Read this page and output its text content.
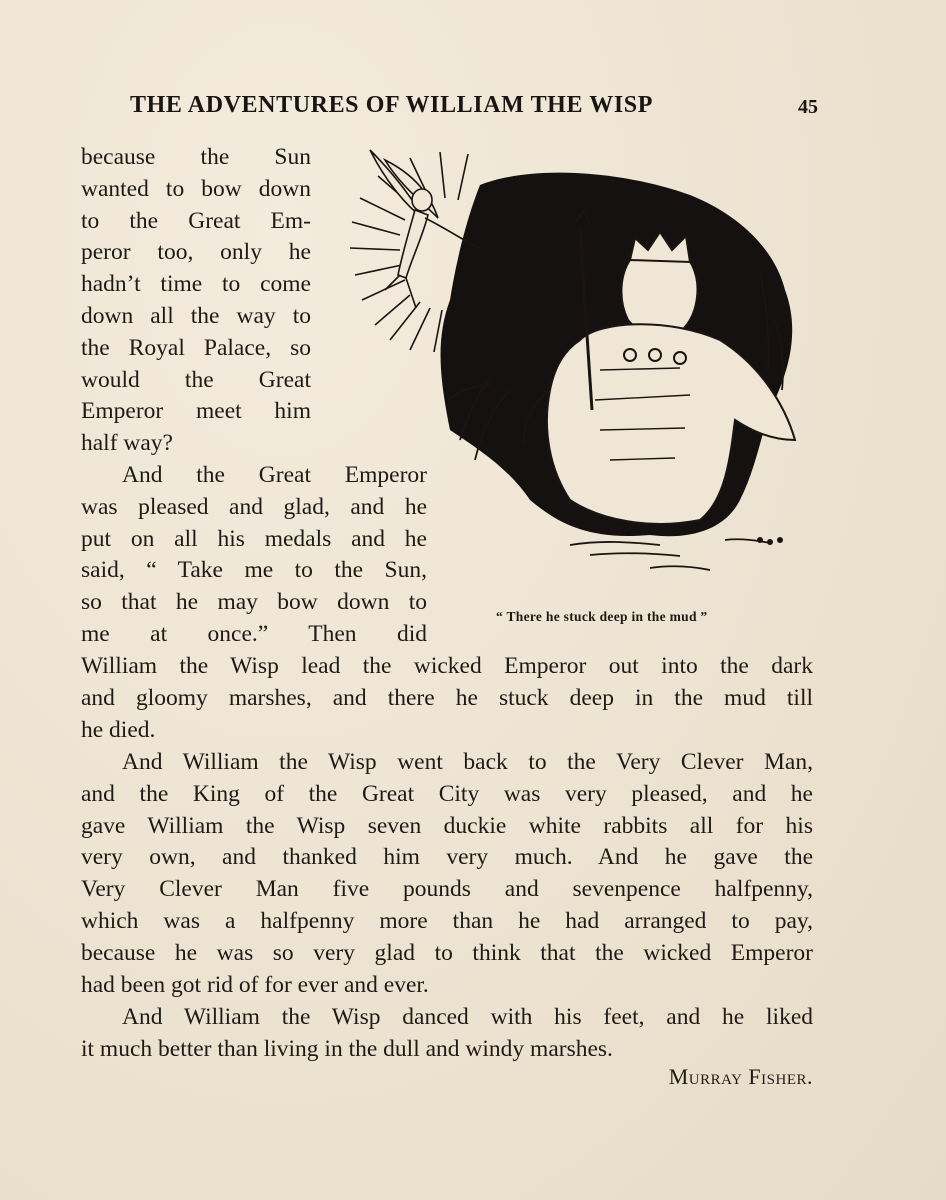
THE ADVENTURES OF WILLIAM THE WISP	45
because the Sun
wanted to bow down
to the Great Em-
peror too, only he
hadn’t time to come
down all the way to
the Royal Palace, so
would the Great
Emperor meet him
half way?
And the Great Emperor
was pleased and glad, and he
put on all his medals and he
said, “ Take me to the Sun,
so that he may bow down to
me at once.” Then did
“ There he stuck deep in the mud ”
William the Wisp lead the wicked Emperor out into the dark
and gloomy marshes, and there he stuck deep in the mud till
he died.
And William the Wisp went back to the Very Clever Man,
and the King of the Great City was very pleased, and he
gave William the Wisp seven duckie white rabbits all for his
very own, and thanked him very much. And he gave the
Very Clever Man five pounds and sevenpence halfpenny,
which was a halfpenny more than he had arranged to pay,
because he was so very glad to think that the wicked Emperor
had been got rid of for ever and ever.
And William the Wisp danced with his feet, and he liked
it much better than living in the dull and windy marshes.
Murray Fisher.
